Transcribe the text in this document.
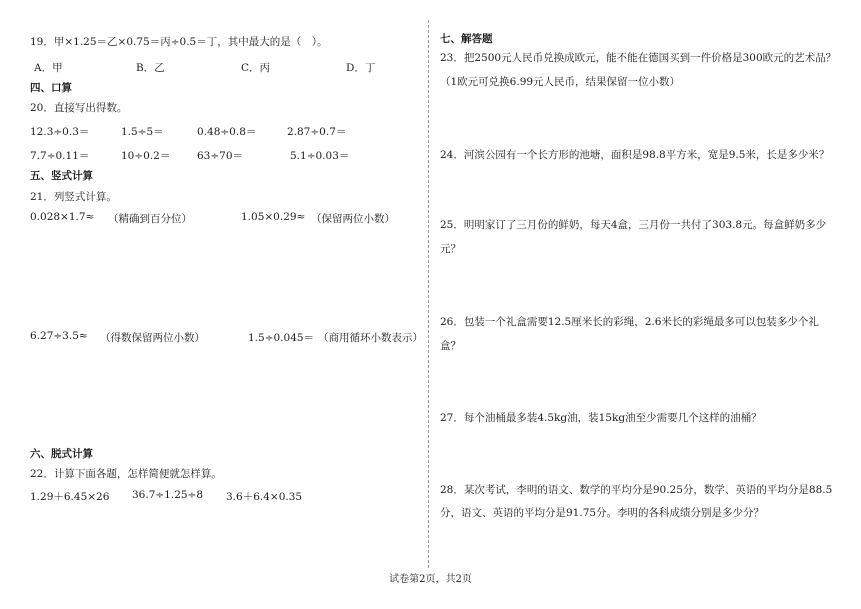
19．甲×1.25＝乙×0.75＝丙÷0.5＝丁，其中最大的是（　）。
A．甲	B．乙	C．丙	D．丁
四、口算
20．直接写出得数。
12.3÷0.3＝	1.5÷5＝	0.48÷0.8＝	2.87÷0.7＝
7.7÷0.11＝	10÷0.2＝	63÷70＝	5.1÷0.03＝
五、竖式计算
21．列竖式计算。
0.028×1.7≈ （精确到百分位）	1.05×0.29≈ （保留两位小数）
6.27÷3.5≈ （得数保留两位小数）	1.5÷0.045＝ （商用循环小数表示）
六、脱式计算
22．计算下面各题，怎样简便就怎样算。
1.29＋6.45×26 36.7÷1.25÷8 3.6＋6.4×0.35
七、解答题
23．把2500元人民币兑换成欧元，能不能在德国买到一件价格是300欧元的艺术品？
（1欧元可兑换6.99元人民币，结果保留一位小数）
24．河滨公园有一个长方形的池塘，面积是98.8平方米，宽是9.5米，长是多少米？
25．明明家订了三月份的鲜奶，每天4盒，三月份一共付了303.8元。每盒鲜奶多少
元？
26．包装一个礼盒需要12.5厘米长的彩绳，2.6米长的彩绳最多可以包装多少个礼
盒？
27．每个油桶最多装4.5kg油，装15kg油至少需要几个这样的油桶？
28．某次考试，李明的语文、数学的平均分是90.25分，数学、英语的平均分是88.5
分，语文、英语的平均分是91.75分。李明的各科成绩分别是多少分？
试卷第2页，共2页
